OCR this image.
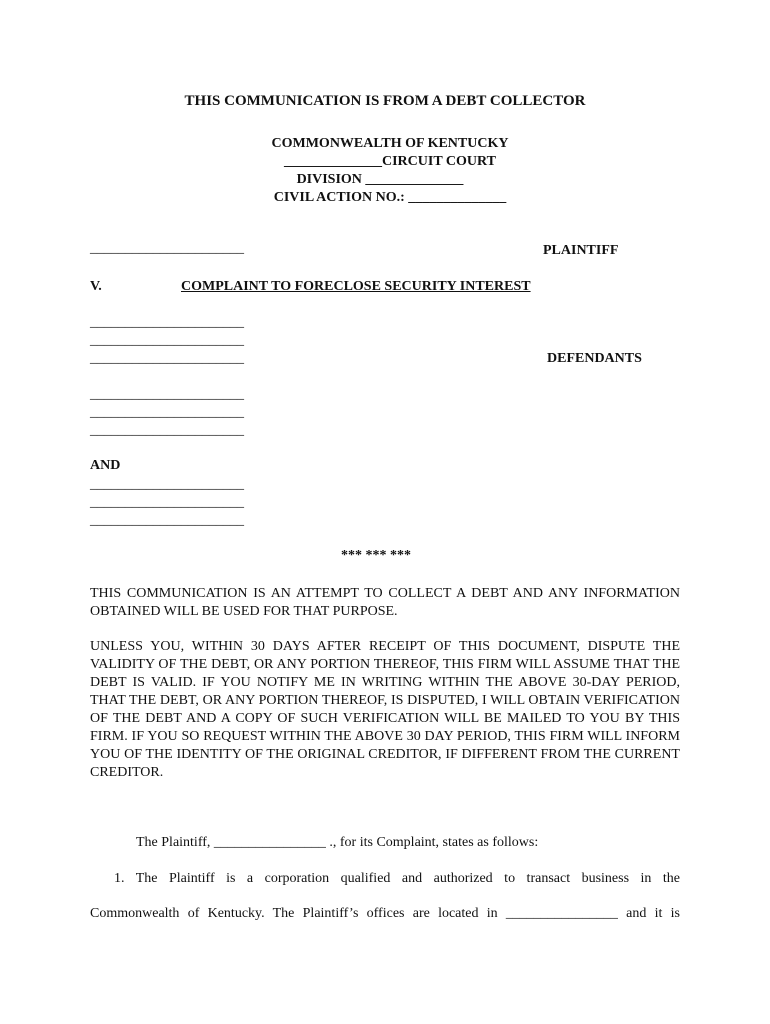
THIS COMMUNICATION IS FROM A DEBT COLLECTOR
COMMONWEALTH OF KENTUCKY
______________CIRCUIT COURT
DIVISION ______________
CIVIL ACTION NO.: ______________
______________________	PLAINTIFF
V.	COMPLAINT TO FORECLOSE SECURITY INTEREST
______________________
______________________
______________________	DEFENDANTS
______________________
______________________
______________________
AND
______________________
______________________
______________________
*** *** ***
THIS COMMUNICATION IS AN ATTEMPT TO COLLECT A DEBT AND ANY INFORMATION OBTAINED WILL BE USED FOR THAT PURPOSE.
UNLESS YOU, WITHIN 30 DAYS AFTER RECEIPT OF THIS DOCUMENT, DISPUTE THE VALIDITY OF THE DEBT, OR ANY PORTION THEREOF, THIS FIRM WILL ASSUME THAT THE DEBT IS VALID. IF YOU NOTIFY ME IN WRITING WITHIN THE ABOVE 30-DAY PERIOD, THAT THE DEBT, OR ANY PORTION THEREOF, IS DISPUTED, I WILL OBTAIN VERIFICATION OF THE DEBT AND A COPY OF SUCH VERIFICATION WILL BE MAILED TO YOU BY THIS FIRM. IF YOU SO REQUEST WITHIN THE ABOVE 30 DAY PERIOD, THIS FIRM WILL INFORM YOU OF THE IDENTITY OF THE ORIGINAL CREDITOR, IF DIFFERENT FROM THE CURRENT CREDITOR.
The Plaintiff, ________________ ., for its Complaint, states as follows:
1. The Plaintiff is a corporation qualified and authorized to transact business in the
Commonwealth of Kentucky. The Plaintiff’s offices are located in ________________ and it is
